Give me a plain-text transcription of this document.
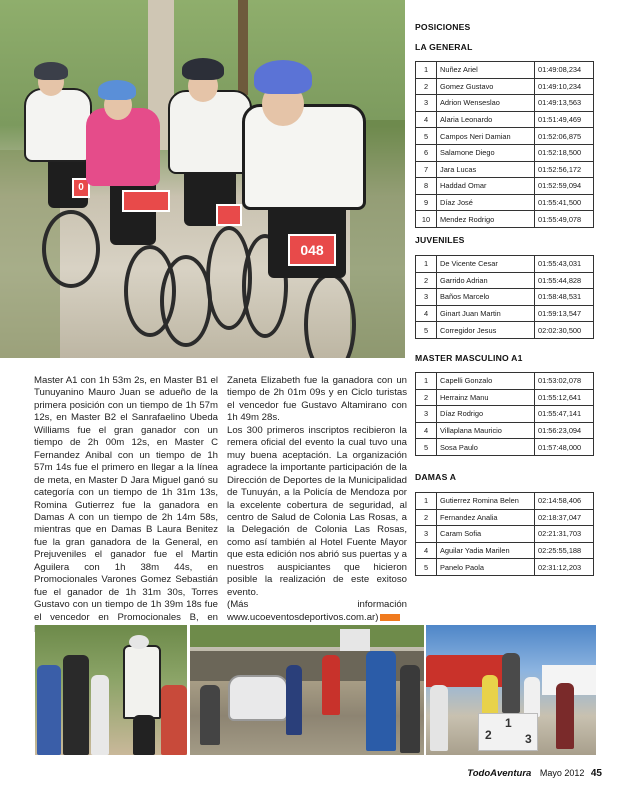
0

048

Master A1 con 1h 53m 2s, en Master B1 el Tunuyanino Mauro Juan se adueño de la primera posición con un tiempo de 1h 57m 12s, en Master B2 el Sanrafaelino Ubeda Williams fue el gran ganador con un tiempo de 2h 00m 12s, en Master C Fernandez Anibal con un tiempo de 1h 57m 14s fue el primero en llegar a la línea de meta, en Master D Jara Miguel ganó su categoría con un tiempo de 1h 31m 13s, Romina Gutierrez fue la ganadora en Damas A con un tiempo de 2h 14m 58s, mientras que en Damas B Laura Benitez fue la gran ganadora de la General, en Prejuveniles el ganador fue el Martin Aguilera con 1h 38m 44s, en Promocionales Varones Gomez Sebastián fue el ganador de 1h 31m 30s, Torres Gustavo con un tiempo de 1h 39m 18s fue el vencedor en Promocionales B, en

Zaneta Elizabeth fue la ganadora con un tiempo de 2h 01m 09s y en Ciclo turistas el vencedor fue Gustavo Altamirano con 1h 49m 28s.

Los 300 primeros inscriptos recibieron la remera oficial del evento la cual tuvo una muy buena aceptación. La organización agradece la importante participación de la Dirección de Deportes de la Municipalidad de Tunuyán, a la Policía de Mendoza por la excelente cobertura de seguridad, al centro de Salud de Colonia Las Rosas, a la Delegación de Colonia Las Rosas, como así también al Hotel Fuente Mayor que esta edición nos abrió sus puertas y a nuestros auspiciantes que hicieron posible la realización de este exitoso evento.

(Más información www.ucoeventosdeportivos.com.ar)

POSICIONES
LA GENERAL
JUVENILES
MASTER MASCULINO A1
DAMAS A
1	Nuñez Ariel	01:49:08,234
2	Gomez Gustavo	01:49:10,234
3	Adrion Wenseslao	01:49:13,563
4	Alaria Leonardo	01:51:49,469
5	Campos Neri Damian	01:52:06,875
6	Salamone Diego	01:52:18,500
7	Jara Lucas	01:52:56,172
8	Haddad Omar	01:52:59,094
9	Díaz José	01:55:41,500
10	Mendez Rodrigo	01:55:49,078
1	De Vicente Cesar	01:55:43,031
2	Garrido Adrian	01:55:44,828
3	Baños Marcelo	01:58:48,531
4	Ginart Juan Martin	01:59:13,547
5	Corregidor Jesus	02:02:30,500
1	Capelli Gonzalo	01:53:02,078
2	Herrainz Manu	01:55:12,641
3	Díaz Rodrigo	01:55:47,141
4	Villaplana Mauricio	01:56:23,094
5	Sosa Paulo	01:57:48,000
1	Gutierrez Romina Belen	02:14:58,406
2	Fernandez Analia	02:18:37,047
3	Caram Sofia	02:21:31,703
4	Aguilar Yadia Marilen	02:25:55,188
5	Panelo Paola	02:31:12,203
2
1
3
TodoAventura Mayo 2012 45
